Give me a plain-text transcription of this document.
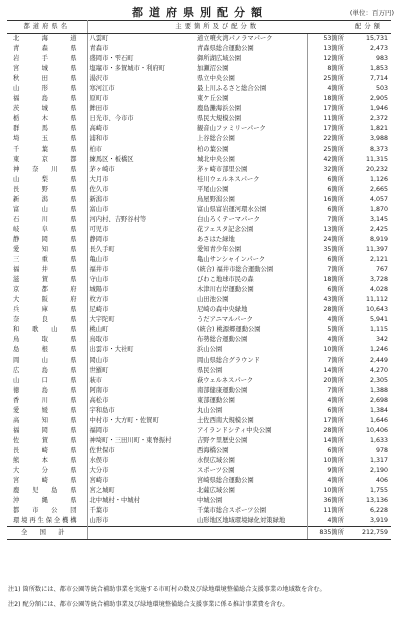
都道府県別配分額	(単位：百万円)
都道府県名	主要箇所及び配分数			配分額
北海道	八雲町	道立噴火湾パノラマパーク	53箇所	15,731
青森県	青森市	青森県総合運動公園	13箇所	2,473
岩手県	盛岡市・雫石町	御所湖広域公園	12箇所	983
宮城県	塩竈市・多賀城市・利府町	加瀬沼公園	8箇所	1,853
秋田県	湯沢市	県立中央公園	25箇所	7,714
山形県	寒河江市	最上川ふるさと総合公園	4箇所	503
福島県	原町市	東ケ丘公園	18箇所	2,905
茨城県	鉾田市	鹿島灘海浜公園	17箇所	1,946
栃木県	日光市、今市市	県民大規模公園	11箇所	2,372
群馬県	高崎市	観音山ファミリーパーク	17箇所	1,821
埼玉県	浦和市	上谷総合公園	22箇所	3,988
千葉県	柏市	柏の葉公園	25箇所	8,373
東京都	練馬区・板橋区	城北中央公園	42箇所	11,315
神奈川県	茅ヶ崎市	茅ヶ崎市部里公園	32箇所	20,232
山梨県	大月市	桂川ウェルネスパーク	6箇所	1,126
長野県	佐久市	平尾山公園	6箇所	2,665
新潟県	新潟市	鳥屋野潟公園	16箇所	4,057
富山県	富山市	富山県富岩運河環水公園	6箇所	1,870
石川県	河内村、吉野谷村等	白山ろくテーマパーク	7箇所	3,145
岐阜県	可児市	花フェスタ記念公園	13箇所	2,425
静岡県	静岡市	あさはた緑地	24箇所	8,919
愛知県	長久手町	愛知青少年公園	35箇所	11,397
三重県	亀山市	亀山サンシャインパーク	6箇所	2,121
福井県	福井市	(統合) 福井市総合運動公園	7箇所	767
滋賀県	守山市	びわこ地球市民の森	18箇所	3,728
京都府	城陽市	木津川右岸運動公園	6箇所	4,028
大阪府	枚方市	山田池公園	43箇所	11,112
兵庫県	尼崎市	尼崎の森中央緑地	28箇所	10,643
奈良県	大宇陀町	うだアニマルパーク	4箇所	5,941
和歌山県	桃山町	(統合) 桃源郷運動公園	5箇所	1,115
鳥取県	鳥取市	布勢総合運動公園	4箇所	342
島根県	出雲市・大社町	浜山公園	10箇所	1,246
岡山県	岡山市	岡山県総合グラウンド	7箇所	2,449
広島県	世羅町	県民公園	14箇所	4,270
山口県	萩市	萩ウェルネスパーク	20箇所	2,305
徳島県	阿南市	南部健康運動公園	7箇所	1,388
香川県	高松市	東部運動公園	4箇所	2,698
愛媛県	宇和島市	丸山公園	6箇所	1,384
高知県	中村市・大方町・佐賀町	土佐西南大規模公園	17箇所	1,646
福岡県	福岡市	アイランドシティ中央公園	28箇所	10,406
佐賀県	神埼町・三田川町・東脊振村	吉野ケ里歴史公園	14箇所	1,633
長崎県	佐世保市	西海橋公園	6箇所	978
熊本県	水俣市	水俣広域公園	10箇所	1,317
大分県	大分市	スポーツ公園	9箇所	2,190
宮崎県	宮崎市	宮崎県総合運動公園	4箇所	406
鹿児島県	宮之城町	北薩広域公園	10箇所	1,755
沖縄県	北中城村・中城村	中城公園	36箇所	13,136
都市公団	千葉市	千葉市総合スポーツ公園	11箇所	6,228
環境再生保全機構	山形市	山形地区地域環境緑化対策緑地	4箇所	3,919
全国計			835箇所	212,759
注1) 箇所数には、都市公園等統合補助事業を実施する市町村の数及び緑地環境整備総合支援事業の地域数を含む。
注2) 配分額には、都市公園等統合補助事業及び緑地環境整備総合支援事業に係る推計事業費を含む。
